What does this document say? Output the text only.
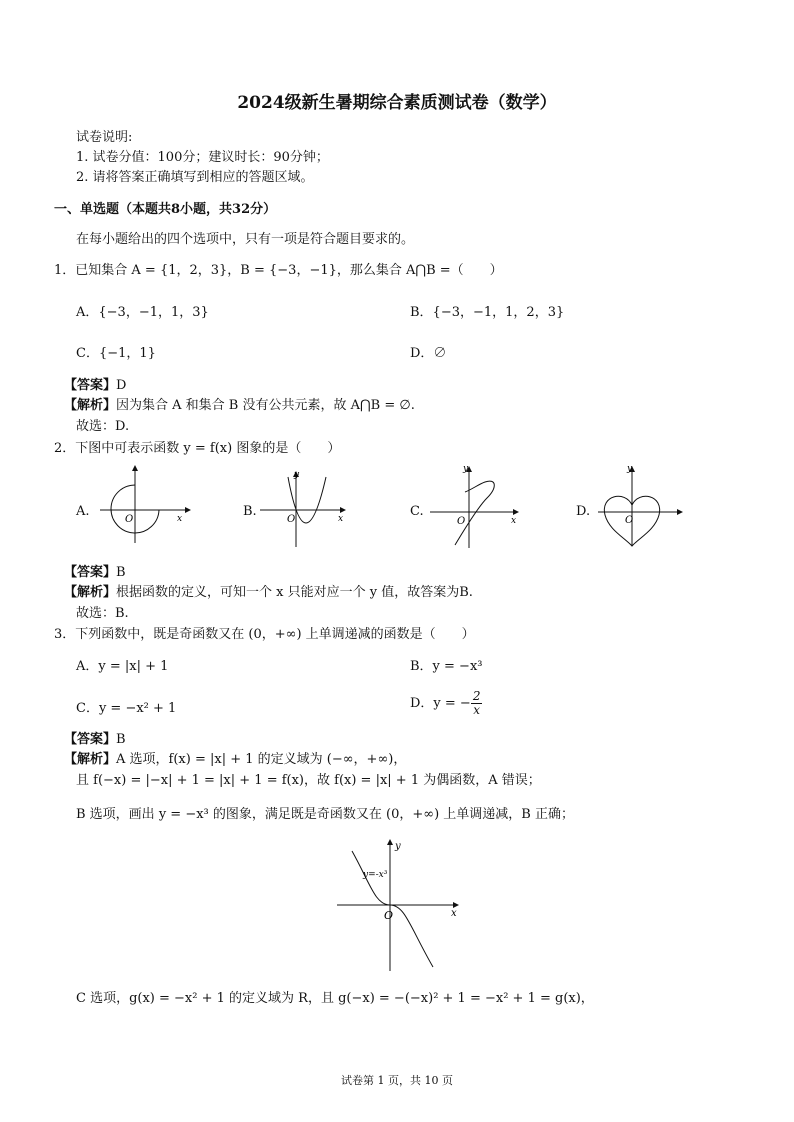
2024级新生暑期综合素质测试卷（数学）
试卷说明:
1. 试卷分值：100分；建议时长：90分钟；
2. 请将答案正确填写到相应的答题区域。
一、单选题（本题共8小题，共32分）
在每小题给出的四个选项中，只有一项是符合题目要求的。
1．已知集合 A = {1，2，3}，B = {−3，−1}，那么集合 A⋂B =（　　）
A．{−3，−1，1，3}	B．{−3，−1，1，2，3}
C．{−1，1}	D．∅
【答案】D
【解析】因为集合 A 和集合 B 没有公共元素，故 A⋂B = ∅.
故选：D.
2．下图中可表示函数 y = f(x) 图象的是（　　）
A.	x
O
B.	x
y
O
C.
x
y
O
D.
y
O
【答案】B
【解析】根据函数的定义，可知一个 x 只能对应一个 y 值，故答案为B.
故选：B.
3．下列函数中，既是奇函数又在 (0，+∞) 上单调递减的函数是（　　）
A．y = |x| + 1	B．y = −x³
C．y = −x² + 1	D．y = − $\frac{2}{x}$
【答案】B
【解析】A 选项，f(x) = |x| + 1 的定义域为 (−∞，+∞)，
且 f(−x) = |−x| + 1 = |x| + 1 = f(x)，故 f(x) = |x| + 1 为偶函数，A 错误；
B 选项，画出 y = −x³ 的图象，满足既是奇函数又在 (0，+∞) 上单调递减，B 正确；
y=-x³
x
y
O
C 选项，g(x) = −x² + 1 的定义域为 R，且 g(−x) = −(−x)² + 1 = −x² + 1 = g(x)，
试卷第 1 页，共 10 页
